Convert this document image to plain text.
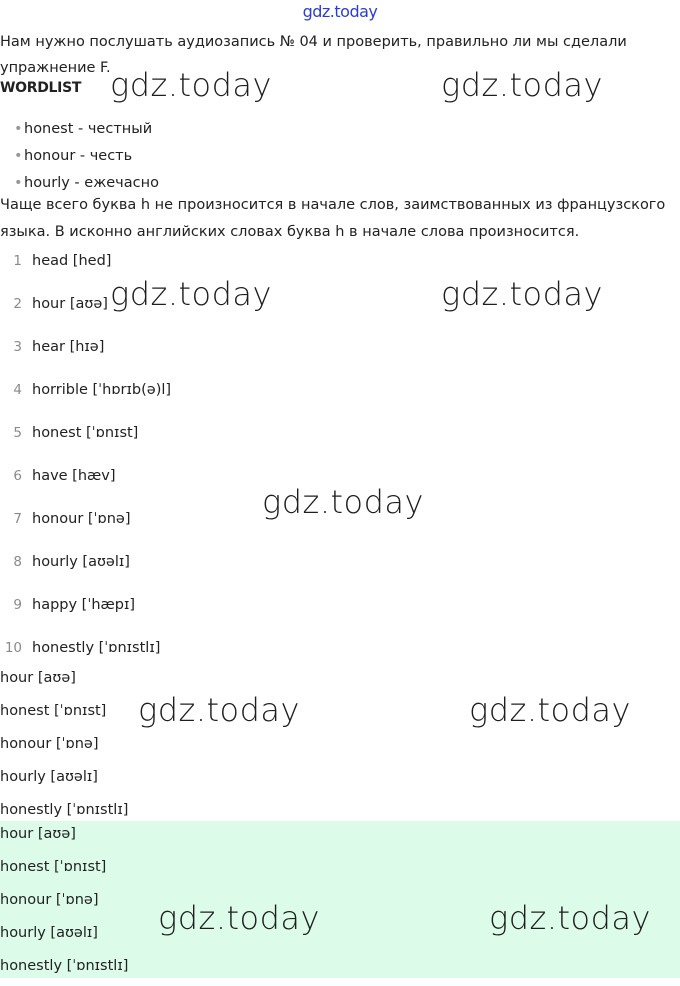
gdz.today
Нам нужно послушать аудиозапись № 04 и проверить, правильно ли мы сделали упражнение F.
WORDLIST
• honest - честный
• honour - честь
• hourly - ежечасно
Чаще всего буква h не произносится в начале слов, заимствованных из французского языка. В исконно английских словах буква h в начале слова произносится.
1 head [hed]
2 hour [aʊə]
3 hear [hɪə]
4 horrible [ˈhɒrɪb(ə)l]
5 honest [ˈɒnɪst]
6 have [hæv]
7 honour [ˈɒnə]
8 hourly [aʊəlɪ]
9 happy [ˈhæpɪ]
10 honestly [ˈɒnɪstlɪ]
hour [aʊə]
honest [ˈɒnɪst]
honour [ˈɒnə]
hourly [aʊəlɪ]
honestly [ˈɒnɪstlɪ]
hour [aʊə]
honest [ˈɒnɪst]
honour [ˈɒnə]
hourly [aʊəlɪ]
honestly [ˈɒnɪstlɪ]
gdz.today	gdz.today
gdz.today	gdz.today
gdz.today
gdz.today	gdz.today
gdz.today	gdz.today
